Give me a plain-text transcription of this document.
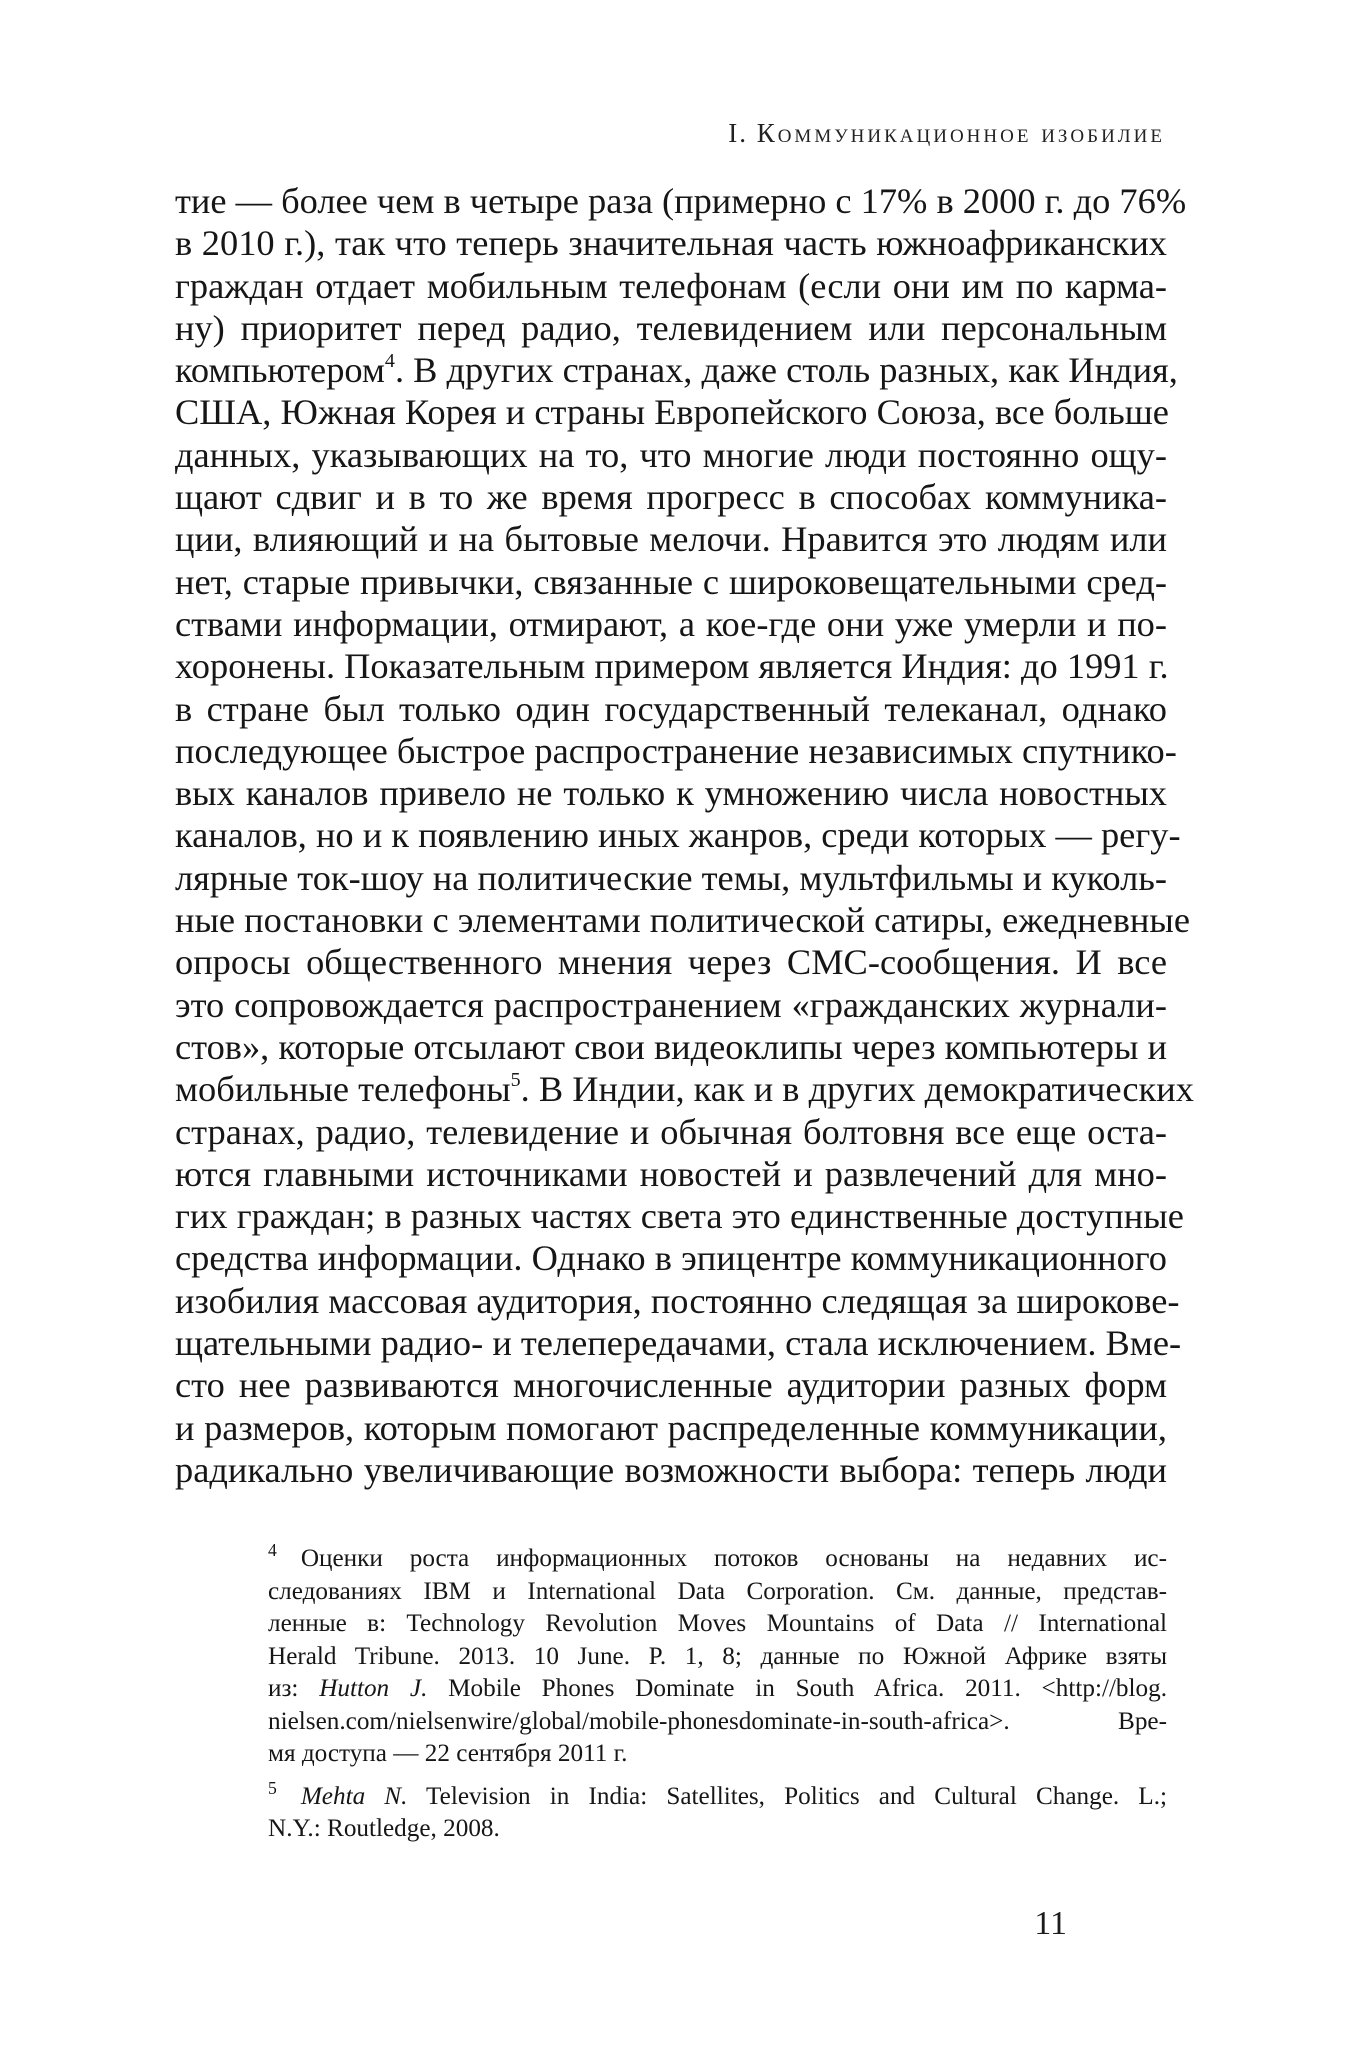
I. Коммуникационное изобилие
тие — более чем в четыре раза (примерно с 17% в 2000 г. до 76%
в 2010 г.), так что теперь значительная часть южноафриканских
граждан отдает мобильным телефонам (если они им по карма-
ну) приоритет перед радио, телевидением или персональным
компьютером$^4$. В других странах, даже столь разных, как Индия,
США, Южная Корея и страны Европейского Союза, все больше
данных, указывающих на то, что многие люди постоянно ощу-
щают сдвиг и в то же время прогресс в способах коммуника-
ции, влияющий и на бытовые мелочи. Нравится это людям или
нет, старые привычки, связанные с широковещательными сред-
ствами информации, отмирают, а кое-где они уже умерли и по-
хоронены. Показательным примером является Индия: до 1991 г.
в стране был только один государственный телеканал, однако
последующее быстрое распространение независимых спутнико-
вых каналов привело не только к умножению числа новостных
каналов, но и к появлению иных жанров, среди которых — регу-
лярные ток-шоу на политические темы, мультфильмы и куколь-
ные постановки с элементами политической сатиры, ежедневные
опросы общественного мнения через СМС-сообщения. И все
это сопровождается распространением «гражданских журнали-
стов», которые отсылают свои видеоклипы через компьютеры и
мобильные телефоны$^5$. В Индии, как и в других демократических
странах, радио, телевидение и обычная болтовня все еще оста-
ются главными источниками новостей и развлечений для мно-
гих граждан; в разных частях света это единственные доступные
средства информации. Однако в эпицентре коммуникационного
изобилия массовая аудитория, постоянно следящая за широкове-
щательными радио- и телепередачами, стала исключением. Вме-
сто нее развиваются многочисленные аудитории разных форм
и размеров, которым помогают распределенные коммуникации,
радикально увеличивающие возможности выбора: теперь люди
$^4$ Оценки роста информационных потоков основаны на недавних ис-
следованиях IBM и International Data Corporation. См. данные, представ-
ленные в: Technology Revolution Moves Mountains of Data // International
Herald Tribune. 2013. 10 June. P. 1, 8; данные по Южной Африке взяты
из: Hutton J. Mobile Phones Dominate in South Africa. 2011. <http://blog.
nielsen.com/nielsenwire/global/mobile-phonesdominate-in-south-africa>. Вре-
мя доступа — 22 сентября 2011 г.
$^5$ Mehta N. Television in India: Satellites, Politics and Cultural Change. L.;
N.Y.: Routledge, 2008.
11
